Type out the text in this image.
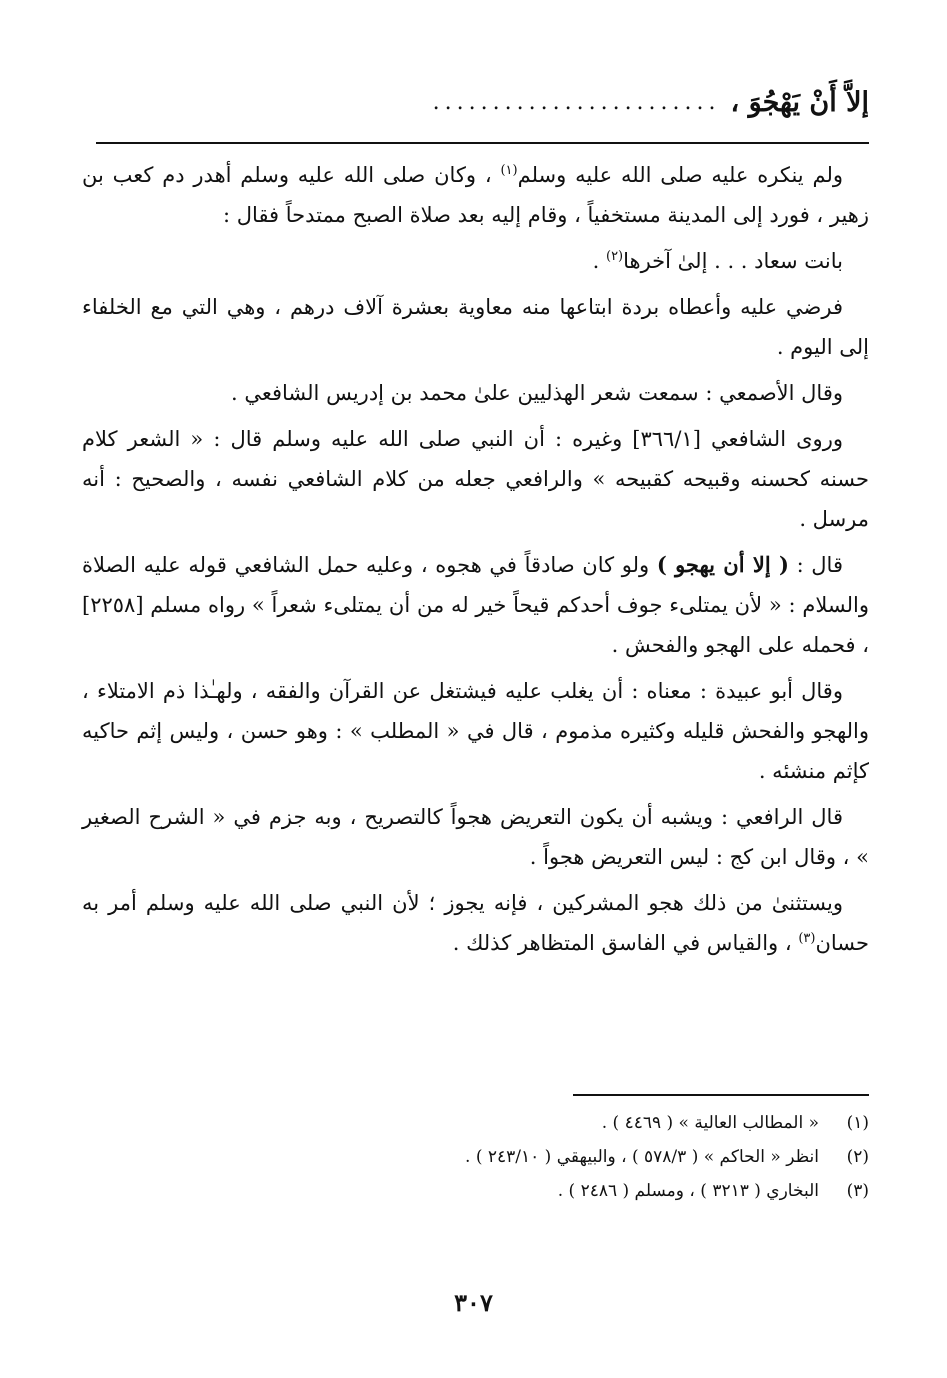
إلاَّ أَنْ يَهْجُوَ ،
........................

ولم ينكره عليه صلى الله عليه وسلم$^{(١)}$ ، وكان صلى الله عليه وسلم أهدر دم كعب بن زهير ، فورد إلى المدينة مستخفياً ، وقام إليه بعد صلاة الصبح ممتدحاً فقال :

بانت سعاد . . . إلىٰ آخرها$^{(٢)}$ .

فرضي عليه وأعطاه بردة ابتاعها منه معاوية بعشرة آلاف درهم ، وهي التي مع الخلفاء إلى اليوم .

وقال الأصمعي : سمعت شعر الهذليين علىٰ محمد بن إدريس الشافعي .

وروى الشافعي [٣٦٦/١] وغيره : أن النبي صلى الله عليه وسلم قال : « الشعر كلام حسنه كحسنه وقبيحه كقبيحه » والرافعي جعله من كلام الشافعي نفسه ، والصحيح : أنه مرسل .

قال : ( إلا أن يهجو ) ولو كان صادقاً في هجوه ، وعليه حمل الشافعي قوله عليه الصلاة والسلام : « لأن يمتلىء جوف أحدكم قيحاً خير له من أن يمتلىء شعراً » رواه مسلم [٢٢٥٨] ، فحمله على الهجو والفحش .

وقال أبو عبيدة : معناه : أن يغلب عليه فيشتغل عن القرآن والفقه ، ولهـٰذا ذم الامتلاء ، والهجو والفحش قليله وكثيره مذموم ، قال في « المطلب » : وهو حسن ، وليس إثم حاكيه كإثم منشئه .

قال الرافعي : ويشبه أن يكون التعريض هجواً كالتصريح ، وبه جزم في « الشرح الصغير » ، وقال ابن كج : ليس التعريض هجواً .

ويستثنىٰ من ذلك هجو المشركين ، فإنه يجوز ؛ لأن النبي صلى الله عليه وسلم أمر به حسان$^{(٣)}$ ، والقياس في الفاسق المتظاهر كذلك .

(١)
« المطالب العالية » ( ٤٤٦٩ ) .
(٢)
انظر « الحاكم » ( ٥٧٨/٣ ) ، والبيهقي ( ٢٤٣/١٠ ) .
(٣)
البخاري ( ٣٢١٣ ) ، ومسلم ( ٢٤٨٦ ) .
٣٠٧
